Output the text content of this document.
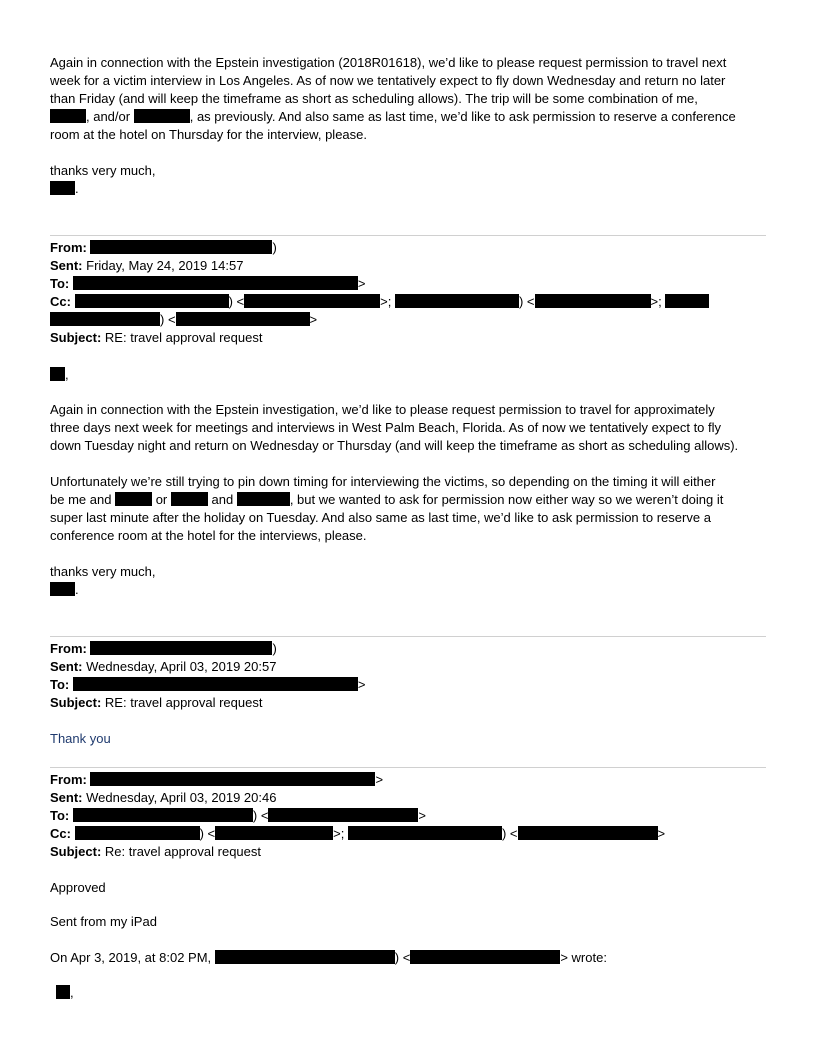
Again in connection with the Epstein investigation (2018R01618), we’d like to please request permission to travel next

week for a victim interview in Los Angeles. As of now we tentatively expect to fly down Wednesday and return no later

than Friday (and will keep the timeframe as short as scheduling allows). The trip will be some combination of me,

, and/or	, as previously. And also same as last time, we’d like to ask permission to reserve a conference

room at the hotel on Thursday for the interview, please.

thanks very much,

.

From:	)
Sent: Friday, May 24, 2019 14:57
To:	>
Cc:	) <	>;	) <	>;
) <	>
Subject: RE: travel approval request

,

Again in connection with the Epstein investigation, we’d like to please request permission to travel for approximately

three days next week for meetings and interviews in West Palm Beach, Florida. As of now we tentatively expect to fly

down Tuesday night and return on Wednesday or Thursday (and will keep the timeframe as short as scheduling allows).

Unfortunately we’re still trying to pin down timing for interviewing the victims, so depending on the timing it will either

be me and	or	and	, but we wanted to ask for permission now either way so we weren’t doing it

super last minute after the holiday on Tuesday. And also same as last time, we’d like to ask permission to reserve a

conference room at the hotel for the interviews, please.

thanks very much,

.

From:	)
Sent: Wednesday, April 03, 2019 20:57
To:	>
Subject: RE: travel approval request

Thank you

From:	>
Sent: Wednesday, April 03, 2019 20:46
To:	) <	>
Cc:	) <	>;	) <	>
Subject: Re: travel approval request

Approved

Sent from my iPad

On Apr 3, 2019, at 8:02 PM,	) <	> wrote:

,
